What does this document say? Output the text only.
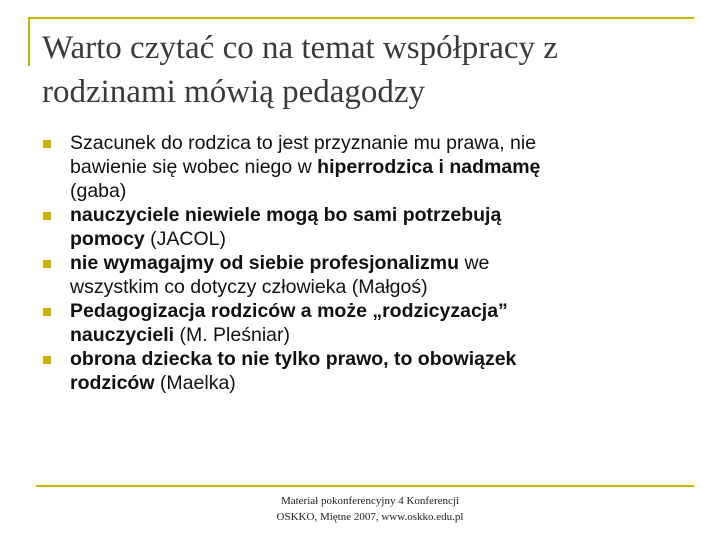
Warto czytać co na temat współpracy z
rodzinami mówią pedagodzy
Szacunek do rodzica to jest przyznanie mu prawa, nie
bawienie się wobec niego w hiperrodzica i nadmamę
(gaba)
nauczyciele niewiele mogą bo sami potrzebują
pomocy (JACOL)
nie wymagajmy od siebie profesjonalizmu we
wszystkim co dotyczy człowieka (Małgoś)
Pedagogizacja rodziców a może „rodzicyzacja”
nauczycieli (M. Pleśniar)
obrona dziecka to nie tylko prawo, to obowiązek
rodziców (Maelka)
Materiał pokonferencyjny 4 Konferencji
OSKKO, Miętne 2007, www.oskko.edu.pl
